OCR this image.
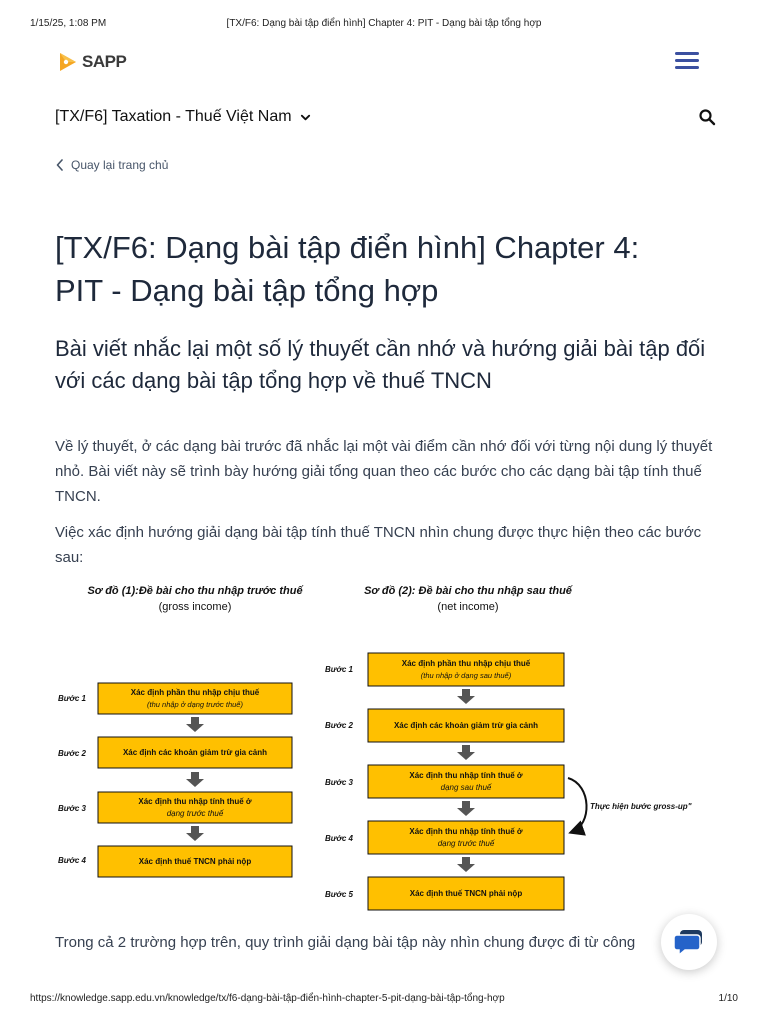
1/15/25, 1:08 PM	[TX/F6: Dạng bài tập điển hình] Chapter 4: PIT - Dạng bài tập tổng hợp
SAPP
[TX/F6] Taxation - Thuế Việt Nam
Quay lại trang chủ
[TX/F6: Dạng bài tập điển hình] Chapter 4: PIT - Dạng bài tập tổng hợp
Bài viết nhắc lại một số lý thuyết cần nhớ và hướng giải bài tập đối với các dạng bài tập tổng hợp về thuế TNCN

Về lý thuyết, ở các dạng bài trước đã nhắc lại một vài điểm cần nhớ đối với từng nội dung lý thuyết nhỏ. Bài viết này sẽ trình bày hướng giải tổng quan theo các bước cho các dạng bài tập tính thuế TNCN.

Việc xác định hướng giải dạng bài tập tính thuế TNCN nhìn chung được thực hiện theo các bước sau:

Sơ đồ (1):Đề bài cho thu nhập trước thuế
(gross income)
Bước 1
Xác định phần thu nhập chịu thuế
(thu nhập ở dạng trước thuế)
Bước 2	Xác định các khoản giảm trừ gia cảnh
Bước 3
Xác định thu nhập tính thuế ở
dạng trước thuế
Bước 4	Xác định thuế TNCN phải nộp
Sơ đồ (2): Đề bài cho thu nhập sau thuế
(net income)
Bước 1
Xác định phần thu nhập chịu thuế
(thu nhập ở dạng sau thuế)
Bước 2	Xác định các khoản giảm trừ gia cảnh
Bước 3
Xác định thu nhập tính thuế ở
dạng sau thuế
Bước 4
Xác định thu nhập tính thuế ở
dạng trước thuế
Bước 5	Xác định thuế TNCN phải nộp
Thực hiện bước gross-up"

Trong cả 2 trường hợp trên, quy trình giải dạng bài tập này nhìn chung được đi từ công

https://knowledge.sapp.edu.vn/knowledge/tx/f6-dạng-bài-tập-điển-hình-chapter-5-pit-dạng-bài-tập-tổng-hợp	1/10
